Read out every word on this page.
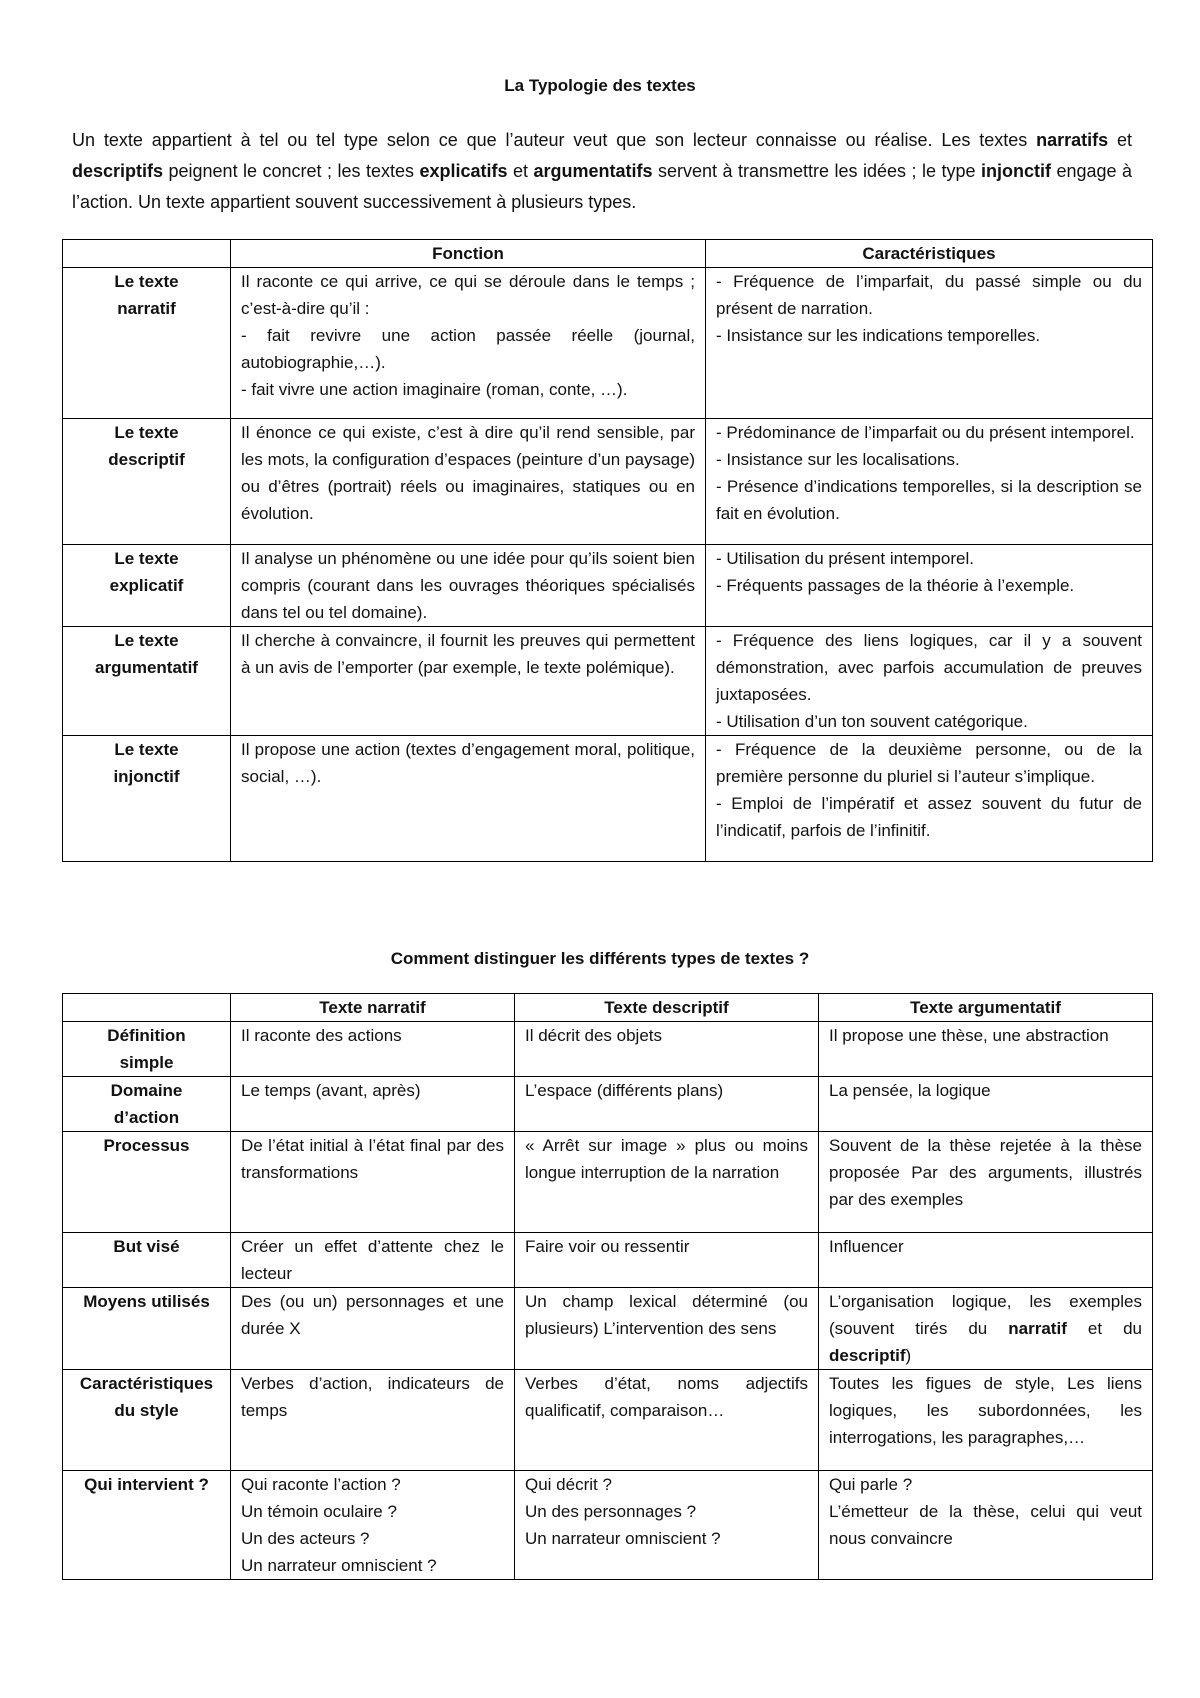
La Typologie des textes

Un texte appartient à tel ou tel type selon ce que l’auteur veut que son lecteur connaisse ou réalise. Les textes narratifs et descriptifs peignent le concret ; les textes explicatifs et argumentatifs servent à transmettre les idées ; le type injonctif engage à l’action. Un texte appartient souvent successivement à plusieurs types.

	Fonction	Caractéristiques

Le texte
narratif	Il raconte ce qui arrive, ce qui se déroule dans le temps ; c’est-à-dire qu’il :
- fait revivre une action passée réelle (journal, autobiographie,…).
- fait vivre une action imaginaire (roman, conte, …).	- Fréquence de l’imparfait, du passé simple ou du présent de narration.
- Insistance sur les indications temporelles.

Le texte
descriptif	Il énonce ce qui existe, c’est à dire qu’il rend sensible, par les mots, la configuration d’espaces (peinture d’un paysage) ou d’êtres (portrait) réels ou imaginaires, statiques ou en évolution.	- Prédominance de l’imparfait ou du présent intemporel.
- Insistance sur les localisations.
- Présence d’indications temporelles, si la description se fait en évolution.

Le texte
explicatif	Il analyse un phénomène ou une idée pour qu’ils soient bien compris (courant dans les ouvrages théoriques spécialisés dans tel ou tel domaine).	- Utilisation du présent intemporel.
- Fréquents passages de la théorie à l’exemple.

Le texte
argumentatif	Il cherche à convaincre, il fournit les preuves qui permettent à un avis de l’emporter (par exemple, le texte polémique).	- Fréquence des liens logiques, car il y a souvent démonstration, avec parfois accumulation de preuves juxtaposées.
- Utilisation d’un ton souvent catégorique.

Le texte
injonctif	Il propose une action (textes d’engagement moral, politique, social, …).	- Fréquence de la deuxième personne, ou de la première personne du pluriel si l’auteur s’implique.
- Emploi de l’impératif et assez souvent du futur de l’indicatif, parfois de l’infinitif.
Comment distinguer les différents types de textes ?
	Texte narratif	Texte descriptif	Texte argumentatif

Définition
simple	Il raconte des actions	Il décrit des objets	Il propose une thèse, une abstraction

Domaine
d’action	Le temps (avant, après)	L’espace (différents plans)	La pensée, la logique

Processus	De l’état initial à l’état final par des transformations	« Arrêt sur image » plus ou moins longue interruption de la narration	Souvent de la thèse rejetée à la thèse proposée Par des arguments, illustrés par des exemples

But visé	Créer un effet d’attente chez le lecteur	Faire voir ou ressentir	Influencer

Moyens utilisés	Des (ou un) personnages et une durée X	Un champ lexical déterminé (ou plusieurs) L’intervention des sens	L’organisation logique, les exemples (souvent tirés du narratif et du descriptif)

Caractéristiques
du style	Verbes d’action, indicateurs de temps	Verbes d’état, noms adjectifs qualificatif, comparaison…	Toutes les figues de style, Les liens logiques, les subordonnées, les interrogations, les paragraphes,…

Qui intervient ?	Qui raconte l’action ?
Un témoin oculaire ?
Un des acteurs ?
Un narrateur omniscient ?	Qui décrit ?
Un des personnages ?
Un narrateur omniscient ?	Qui parle ?
L’émetteur de la thèse, celui qui veut nous convaincre
